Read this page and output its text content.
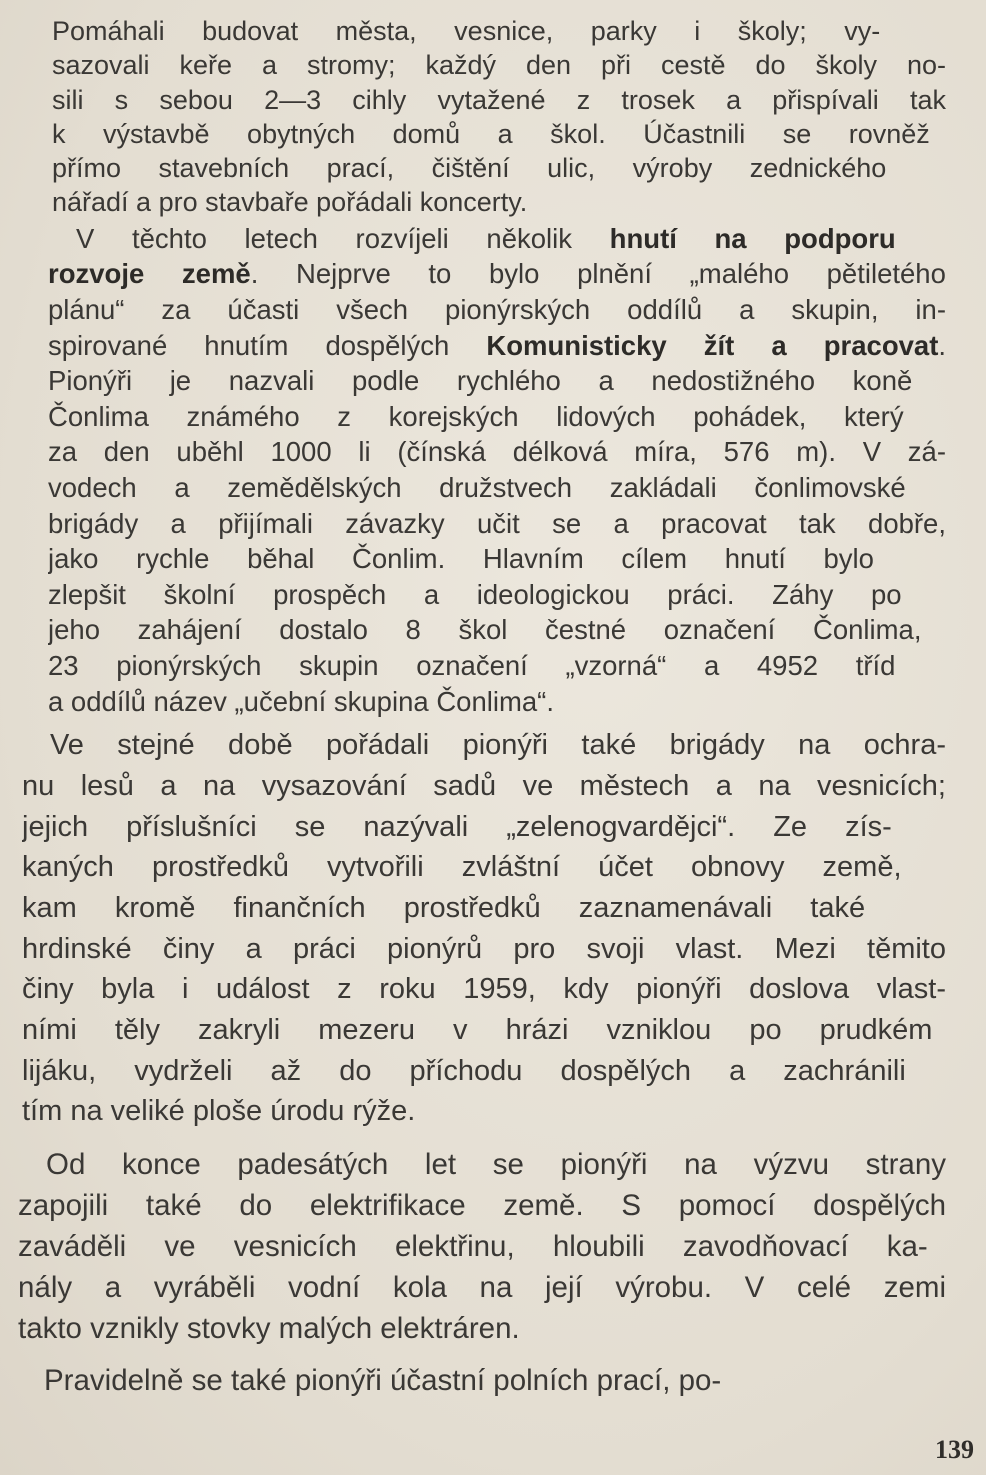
Pomáhali budovat města, vesnice, parky i školy; vy-
sazovali keře a stromy; každý den při cestě do školy no-
sili s sebou 2—3 cihly vytažené z trosek a přispívali tak
k výstavbě obytných domů a škol. Účastnili se rovněž
přímo stavebních prací, čištění ulic, výroby zednického
nářadí a pro stavbaře pořádali koncerty.
V těchto letech rozvíjeli několik hnutí na podporu
rozvoje země. Nejprve to bylo plnění „malého pětiletého
plánu“ za účasti všech pionýrských oddílů a skupin, in-
spirované hnutím dospělých Komunisticky žít a pracovat.
Pionýři je nazvali podle rychlého a nedostižného koně
Čonlima známého z korejských lidových pohádek, který
za den uběhl 1000 li (čínská délková míra, 576 m). V zá-
vodech a zemědělských družstvech zakládali čonlimovské
brigády a přijímali závazky učit se a pracovat tak dobře,
jako rychle běhal Čonlim. Hlavním cílem hnutí bylo
zlepšit školní prospěch a ideologickou práci. Záhy po
jeho zahájení dostalo 8 škol čestné označení Čonlima,
23 pionýrských skupin označení „vzorná“ a 4952 tříd
a oddílů název „učební skupina Čonlima“.
Ve stejné době pořádali pionýři také brigády na ochra-
nu lesů a na vysazování sadů ve městech a na vesnicích;
jejich příslušníci se nazývali „zelenogvardějci“. Ze zís-
kaných prostředků vytvořili zvláštní účet obnovy země,
kam kromě finančních prostředků zaznamenávali také
hrdinské činy a práci pionýrů pro svoji vlast. Mezi těmito
činy byla i událost z roku 1959, kdy pionýři doslova vlast-
ními těly zakryli mezeru v hrázi vzniklou po prudkém
lijáku, vydrželi až do příchodu dospělých a zachránili
tím na veliké ploše úrodu rýže.
Od konce padesátých let se pionýři na výzvu strany
zapojili také do elektrifikace země. S pomocí dospělých
zaváděli ve vesnicích elektřinu, hloubili zavodňovací ka-
nály a vyráběli vodní kola na její výrobu. V celé zemi
takto vznikly stovky malých elektráren.
Pravidelně se také pionýři účastní polních prací, po-
139
